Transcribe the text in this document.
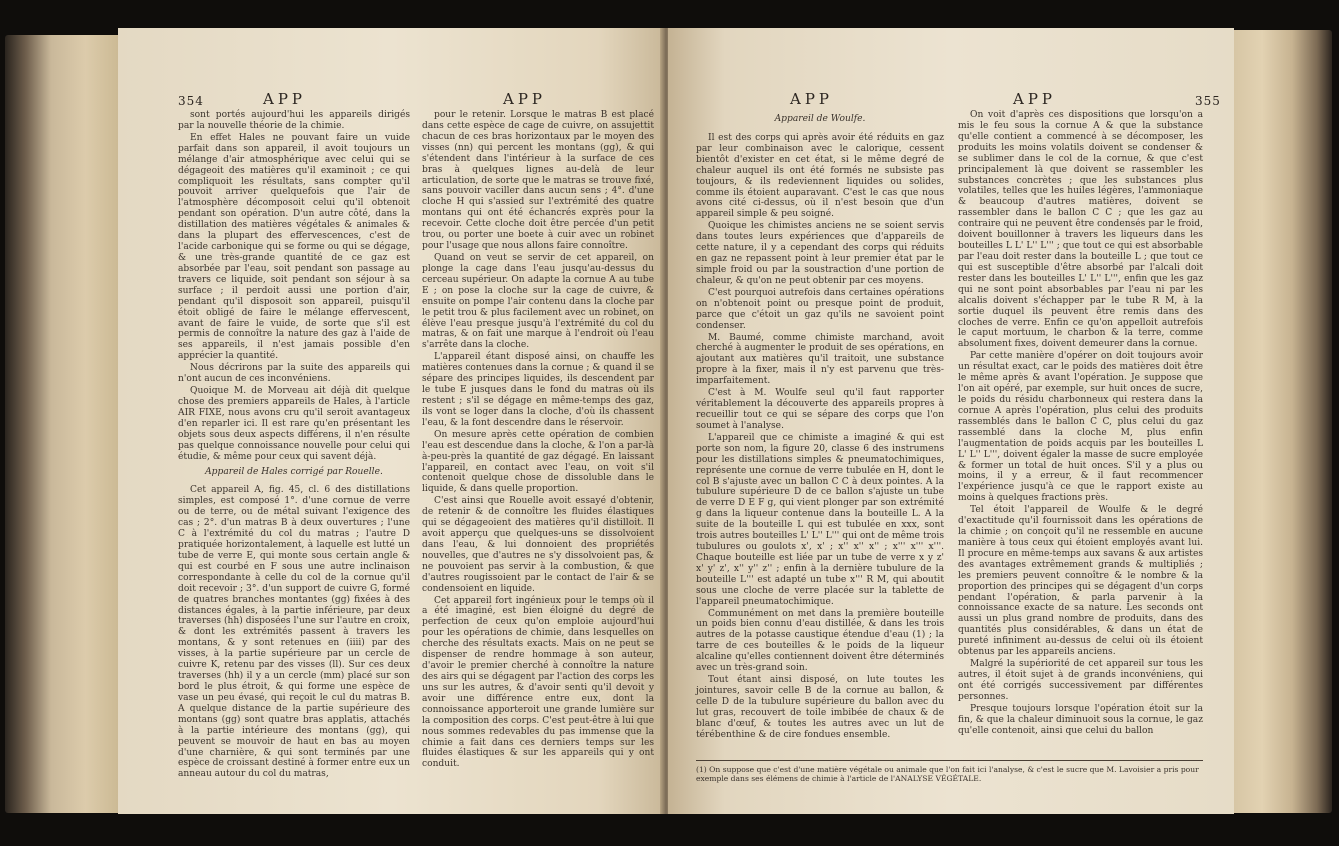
354	APP	APP

sont portés aujourd'hui les appareils dirigés par la nouvelle théorie de la chimie.

En effet Hales ne pouvant faire un vuide parfait dans son appareil, il avoit toujours un mélange d'air atmosphérique avec celui qui se dégageoit des matières qu'il examinoit ; ce qui compliquoit les résultats, sans compter qu'il pouvoit arriver quelquefois que l'air de l'atmosphère décomposoit celui qu'il obtenoit pendant son opération. D'un autre côté, dans la distillation des matières végétales & animales & dans la plupart des effervescences, c'est de l'acide carbonique qui se forme ou qui se dégage, & une très-grande quantité de ce gaz est absorbée par l'eau, soit pendant son passage au travers ce liquide, soit pendant son séjour à sa surface ; il perdoit aussi une portion d'air, pendant qu'il disposoit son appareil, puisqu'il étoit obligé de faire le mélange effervescent, avant de faire le vuide, de sorte que s'il est permis de connoître la nature des gaz à l'aide de ses appareils, il n'est jamais possible d'en apprécier la quantité.

Nous décrirons par la suite des appareils qui n'ont aucun de ces inconvéniens.

Quoique M. de Morveau ait déjà dit quelque chose des premiers appareils de Hales, à l'article AIR FIXE, nous avons cru qu'il seroit avantageux d'en reparler ici. Il est rare qu'en présentant les objets sous deux aspects différens, il n'en résulte pas quelque connoissance nouvelle pour celui qui étudie, & même pour ceux qui savent déjà.

Appareil de Hales corrigé par Rouelle.

Cet appareil A, fig. 45, cl. 6 des distillations simples, est composé 1°. d'une cornue de verre ou de terre, ou de métal suivant l'exigence des cas ; 2°. d'un matras B à deux ouvertures ; l'une C à l'extrémité du col du matras ; l'autre D pratiquée horizontalement, à laquelle est lutté un tube de verre E, qui monte sous certain angle & qui est courbé en F sous une autre inclinaison correspondante à celle du col de la cornue qu'il doit recevoir ; 3°. d'un support de cuivre G, formé de quatres branches montantes (gg) fixées à des distances égales, à la partie inférieure, par deux traverses (hh) disposées l'une sur l'autre en croix, & dont les extrémités passent à travers les montans, & y sont retenues en (iiii) par des visses, à la partie supérieure par un cercle de cuivre K, retenu par des visses (ll). Sur ces deux traverses (hh) il y a un cercle (mm) placé sur son bord le plus étroit, & qui forme une espèce de vase un peu évasé, qui reçoit le cul du matras B. A quelque distance de la partie supérieure des montans (gg) sont quatre bras applatis, attachés à la partie intérieure des montans (gg), qui peuvent se mouvoir de haut en bas au moyen d'une charnière, & qui sont terminés par une espèce de croissant destiné à former entre eux un anneau autour du col du matras,

pour le retenir. Lorsque le matras B est placé dans cette espèce de cage de cuivre, on assujettit chacun de ces bras horizontaux par le moyen des visses (nn) qui percent les montans (gg), & qui s'étendent dans l'intérieur à la surface de ces bras à quelques lignes au-delà de leur articulation, de sorte que le matras se trouve fixé, sans pouvoir vaciller dans aucun sens ; 4°. d'une cloche H qui s'assied sur l'extrémité des quatre montans qui ont été échancrés exprès pour la recevoir. Cette cloche doit être percée d'un petit trou, ou porter une boete à cuir avec un robinet pour l'usage que nous allons faire connoître.

Quand on veut se servir de cet appareil, on plonge la cage dans l'eau jusqu'au-dessus du cerceau supérieur. On adapte la cornue A au tube E ; on pose la cloche sur la cage de cuivre, & ensuite on pompe l'air contenu dans la cloche par le petit trou & plus facilement avec un robinet, on élève l'eau presque jusqu'à l'extrémité du col du matras, & on fait une marque à l'endroit où l'eau s'arrête dans la cloche.

L'appareil étant disposé ainsi, on chauffe les matières contenues dans la cornue ; & quand il se sépare des principes liquides, ils descendent par le tube E jusques dans le fond du matras où ils restent ; s'il se dégage en même-temps des gaz, ils vont se loger dans la cloche, d'où ils chassent l'eau, & la font descendre dans le réservoir.

On mesure après cette opération de combien l'eau est descendue dans la cloche, & l'on a par-là à-peu-près la quantité de gaz dégagé. En laissant l'appareil, en contact avec l'eau, on voit s'il contenoit quelque chose de dissoluble dans le liquide, & dans quelle proportion.

C'est ainsi que Rouelle avoit essayé d'obtenir, de retenir & de connoître les fluides élastiques qui se dégageoient des matières qu'il distilloit. Il avoit apperçu que quelques-uns se dissolvoient dans l'eau, & lui donnoient des propriétés nouvelles, que d'autres ne s'y dissolvoient pas, & ne pouvoient pas servir à la combustion, & que d'autres rougissoient par le contact de l'air & se condensoient en liquide.

Cet appareil fort ingénieux pour le temps où il a été imaginé, est bien éloigné du degré de perfection de ceux qu'on emploie aujourd'hui pour les opérations de chimie, dans lesquelles on cherche des résultats exacts. Mais on ne peut se dispenser de rendre hommage à son auteur, d'avoir le premier cherché à connoître la nature des airs qui se dégagent par l'action des corps les uns sur les autres, & d'avoir senti qu'il devoit y avoir une différence entre eux, dont la connoissance apporteroit une grande lumière sur la composition des corps. C'est peut-être à lui que nous sommes redevables du pas immense que la chimie a fait dans ces derniers temps sur les fluides élastiques & sur les appareils qui y ont conduit.

APP	APP	355

Appareil de Woulfe.

Il est des corps qui après avoir été réduits en gaz par leur combinaison avec le calorique, cessent bientôt d'exister en cet état, si le même degré de chaleur auquel ils ont été formés ne subsiste pas toujours, & ils redeviennent liquides ou solides, comme ils étoient auparavant. C'est le cas que nous avons cité ci-dessus, où il n'est besoin que d'un appareil simple & peu soigné.

Quoique les chimistes anciens ne se soient servis dans toutes leurs expériences que d'appareils de cette nature, il y a cependant des corps qui réduits en gaz ne repassent point à leur premier état par le simple froid ou par la soustraction d'une portion de chaleur, & qu'on ne peut obtenir par ces moyens.

C'est pourquoi autrefois dans certaines opérations on n'obtenoit point ou presque point de produit, parce que c'étoit un gaz qu'ils ne savoient point condenser.

M. Baumé, comme chimiste marchand, avoit cherché à augmenter le produit de ses opérations, en ajoutant aux matières qu'il traitoit, une substance propre à la fixer, mais il n'y est parvenu que très-imparfaitement.

C'est à M. Woulfe seul qu'il faut rapporter véritablement la découverte des appareils propres à recueillir tout ce qui se sépare des corps que l'on soumet à l'analyse.

L'appareil que ce chimiste a imaginé & qui est porte son nom, la figure 20, classe 6 des instrumens pour les distillations simples & pneumatochimiques, représente une cornue de verre tubulée en H, dont le col B s'ajuste avec un ballon C C à deux pointes. A la tubulure supérieure D de ce ballon s'ajuste un tube de verre D E F g, qui vient plonger par son extrémité g dans la liqueur contenue dans la bouteille L. A la suite de la bouteille L qui est tubulée en xxx, sont trois autres bouteilles L' L'' L''' qui ont de même trois tubulures ou goulots x', x' ; x'' x'' x'' ; x''' x''' x'''. Chaque bouteille est liée par un tube de verre x y z' x' y' z', x'' y'' z'' ; enfin à la dernière tubulure de la bouteille L''' est adapté un tube x''' R M, qui aboutit sous une cloche de verre placée sur la tablette de l'appareil pneumatochimique.

Communément on met dans la première bouteille un poids bien connu d'eau distillée, & dans les trois autres de la potasse caustique étendue d'eau (1) ; la tarre de ces bouteilles & le poids de la liqueur alcaline qu'elles contiennent doivent être déterminés avec un très-grand soin.

Tout étant ainsi disposé, on lute toutes les jointures, savoir celle B de la cornue au ballon, & celle D de la tubulure supérieure du ballon avec du lut gras, recouvert de toile imbibée de chaux & de blanc d'œuf, & toutes les autres avec un lut de térébenthine & de cire fondues ensemble.

On voit d'après ces dispositions que lorsqu'on a mis le feu sous la cornue A & que la substance qu'elle contient a commencé à se décomposer, les produits les moins volatils doivent se condenser & se sublimer dans le col de la cornue, & que c'est principalement là que doivent se rassembler les substances concrètes ; que les substances plus volatiles, telles que les huiles légères, l'ammoniaque & beaucoup d'autres matières, doivent se rassembler dans le ballon C C ; que les gaz au contraire qui ne peuvent être condensés par le froid, doivent bouillonner à travers les liqueurs dans les bouteilles L L' L'' L''' ; que tout ce qui est absorbable par l'eau doit rester dans la bouteille L ; que tout ce qui est susceptible d'être absorbé par l'alcali doit rester dans les bouteilles L' L'' L''', enfin que les gaz qui ne sont point absorbables par l'eau ni par les alcalis doivent s'échapper par le tube R M, à la sortie duquel ils peuvent être remis dans des cloches de verre. Enfin ce qu'on appelloit autrefois le caput mortuum, le charbon & la terre, comme absolument fixes, doivent demeurer dans la cornue.

Par cette manière d'opérer on doit toujours avoir un résultat exact, car le poids des matières doit être le même après & avant l'opération. Je suppose que l'on ait opéré, par exemple, sur huit onces de sucre, le poids du résidu charbonneux qui restera dans la cornue A après l'opération, plus celui des produits rassemblés dans le ballon C C, plus celui du gaz rassemblé dans la cloche M, plus enfin l'augmentation de poids acquis par les bouteilles L L' L'' L''', doivent égaler la masse de sucre employée & former un total de huit onces. S'il y a plus ou moins, il y a erreur, & il faut recommencer l'expérience jusqu'à ce que le rapport existe au moins à quelques fractions près.

Tel étoit l'appareil de Woulfe & le degré d'exactitude qu'il fournissoit dans les opérations de la chimie ; on conçoit qu'il ne ressemble en aucune manière à tous ceux qui étoient employés avant lui. Il procure en même-temps aux savans & aux artistes des avantages extrêmement grands & multipliés ; les premiers peuvent connoître & le nombre & la proportion des principes qui se dégagent d'un corps pendant l'opération, & parla parvenir à la connoissance exacte de sa nature. Les seconds ont aussi un plus grand nombre de produits, dans des quantités plus considérables, & dans un état de pureté infiniment au-dessus de celui où ils étoient obtenus par les appareils anciens.

Malgré la supériorité de cet appareil sur tous les autres, il étoit sujet à de grands inconvéniens, qui ont été corrigés successivement par différentes personnes.

Presque toujours lorsque l'opération étoit sur la fin, & que la chaleur diminuoit sous la cornue, le gaz qu'elle contenoit, ainsi que celui du ballon

(1) On suppose que c'est d'une matière végétale ou animale que l'on fait ici l'analyse, & c'est le sucre que M. Lavoisier a pris pour exemple dans ses élémens de chimie à l'article de l'ANALYSE VÉGÉTALE.
